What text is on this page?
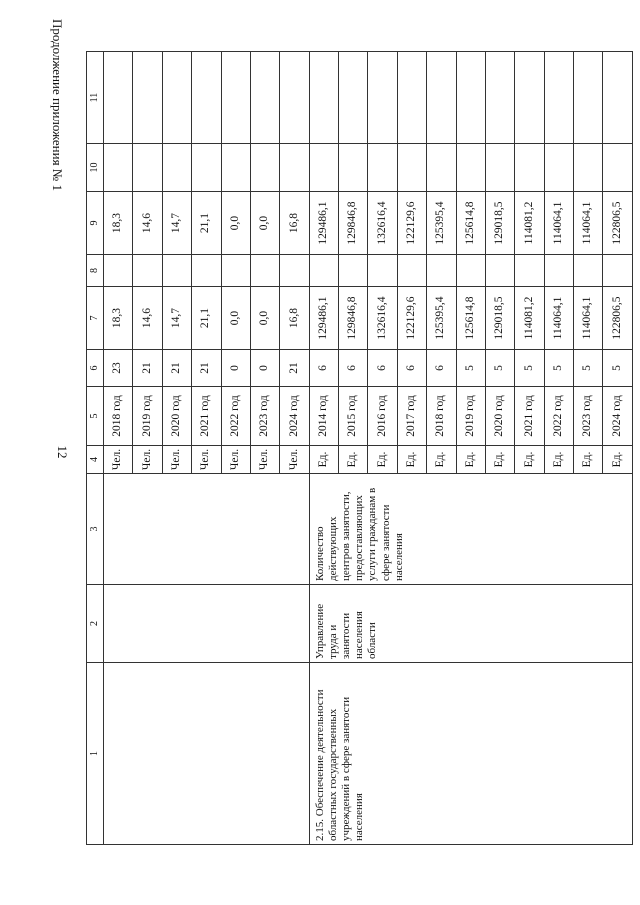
12
Продолжение приложения № 1
1	2	3	4	5	6	7	8	9	10	11
			Чел.	2018 год	23	18,3		18,3		
			Чел.	2019 год	21	14,6		14,6		
			Чел.	2020 год	21	14,7		14,7		
			Чел.	2021 год	21	21,1		21,1		
			Чел.	2022 год	0	0,0		0,0		
			Чел.	2023 год	0	0,0		0,0		
			Чел.	2024 год	21	16,8		16,8		
2.15. Обеспечение деятельности областных государственных учреждений в сфере занятости населения	Управление труда и занятости населения области	Количество действующих центров занятости, предоставляющих услуги гражданам в сфере занятости населения	Ед.	2014 год	6	129486,1		129486,1		
			Ед.	2015 год	6	129846,8		129846,8		
			Ед.	2016 год	6	132616,4		132616,4		
			Ед.	2017 год	6	122129,6		122129,6		
			Ед.	2018 год	6	125395,4		125395,4		
			Ед.	2019 год	5	125614,8		125614,8		
			Ед.	2020 год	5	129018,5		129018,5		
			Ед.	2021 год	5	114081,2		114081,2		
			Ед.	2022 год	5	114064,1		114064,1		
			Ед.	2023 год	5	114064,1		114064,1		
			Ед.	2024 год	5	122806,5		122806,5		
